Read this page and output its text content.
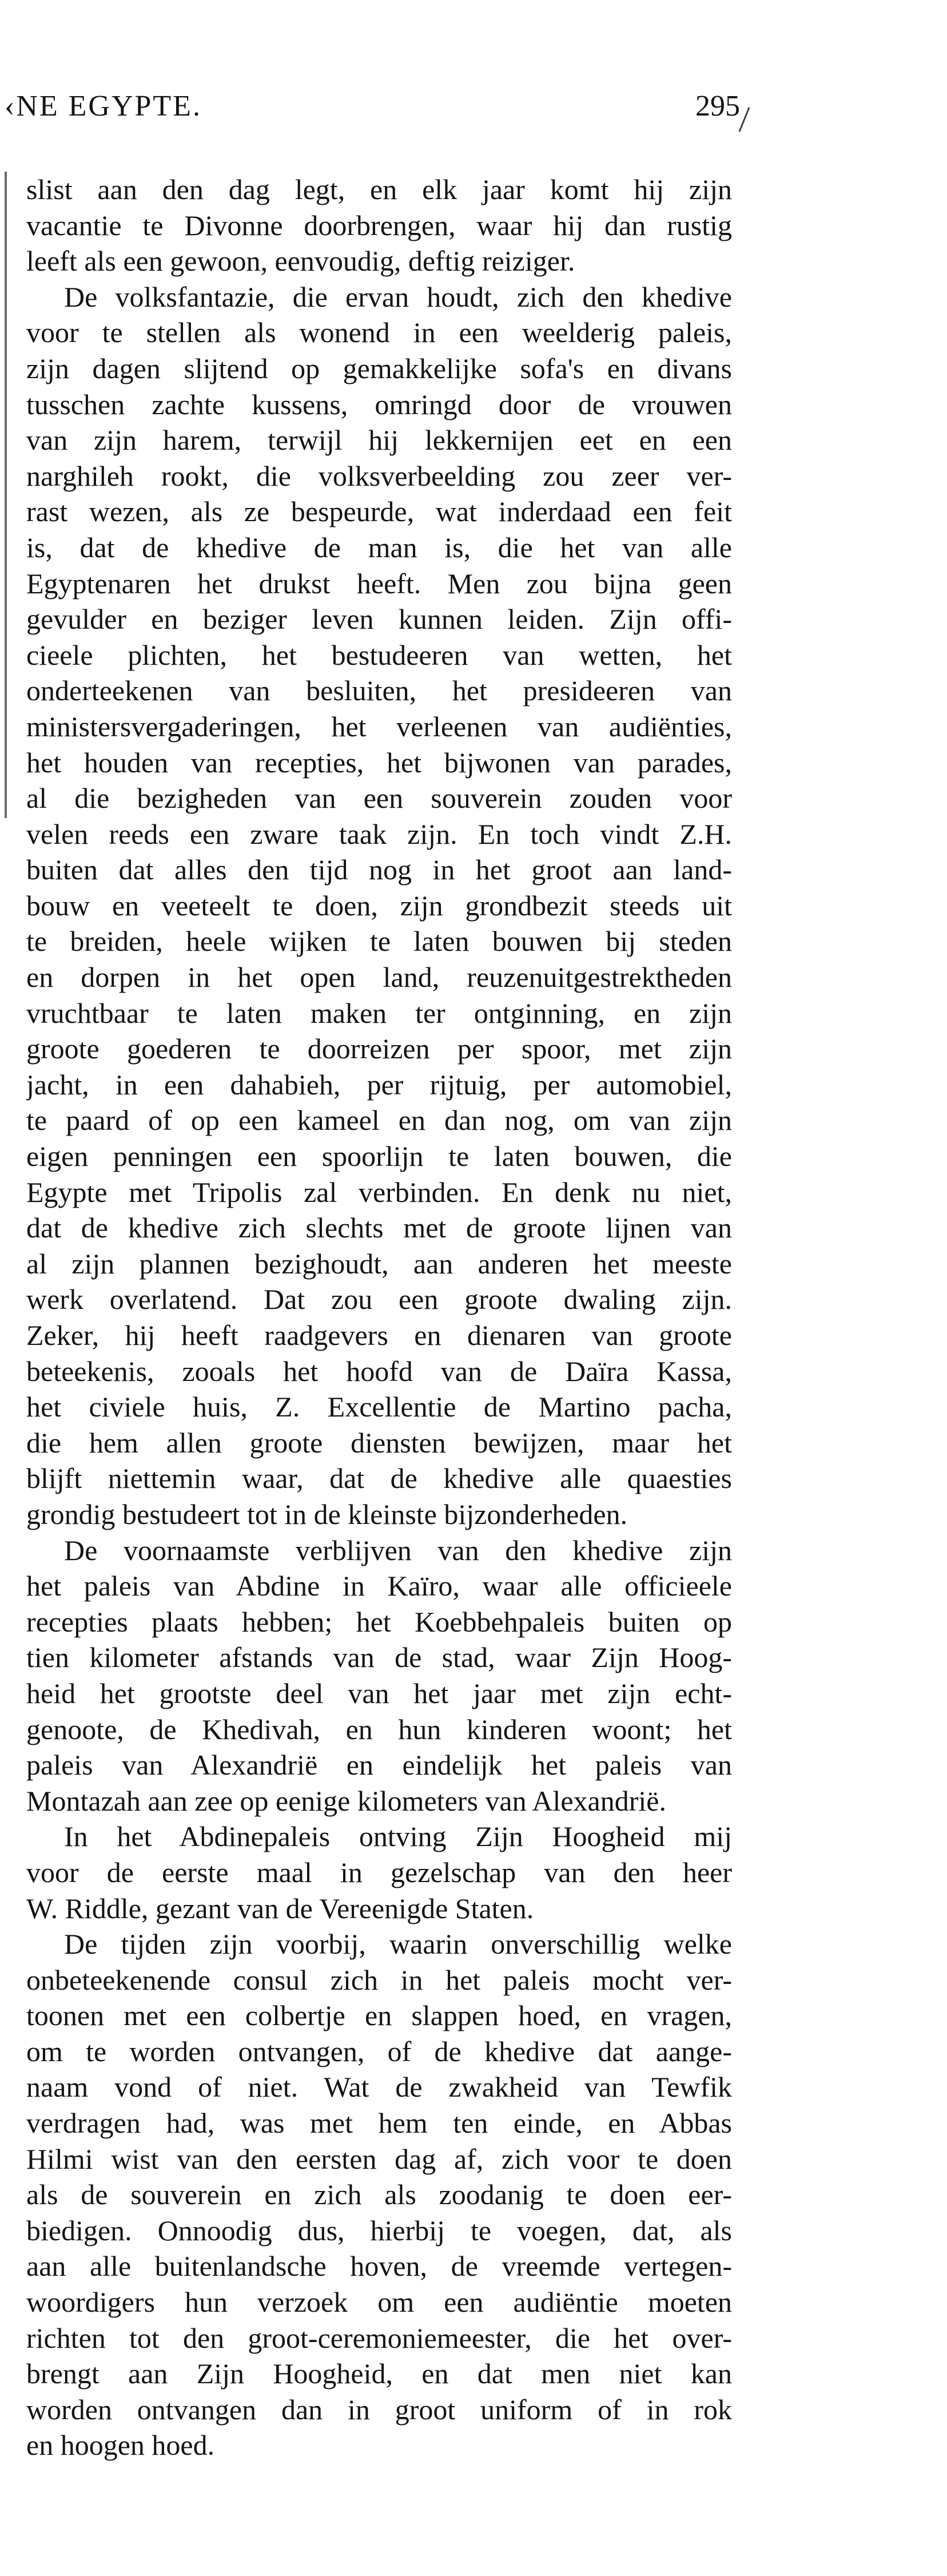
‹NE EGYPTE.	295
slist aan den dag legt, en elk jaar komt hij zijn
vacantie te Divonne doorbrengen, waar hij dan rustig
leeft als een gewoon, eenvoudig, deftig reiziger.
De volksfantazie, die ervan houdt, zich den khedive
voor te stellen als wonend in een weelderig paleis,
zijn dagen slijtend op gemakkelijke sofa's en divans
tusschen zachte kussens, omringd door de vrouwen
van zijn harem, terwijl hij lekkernijen eet en een
narghileh rookt, die volksverbeelding zou zeer ver-
rast wezen, als ze bespeurde, wat inderdaad een feit
is, dat de khedive de man is, die het van alle
Egyptenaren het drukst heeft. Men zou bijna geen
gevulder en beziger leven kunnen leiden. Zijn offi-
cieele plichten, het bestudeeren van wetten, het
onderteekenen van besluiten, het presideeren van
ministersvergaderingen, het verleenen van audiënties,
het houden van recepties, het bijwonen van parades,
al die bezigheden van een souverein zouden voor
velen reeds een zware taak zijn. En toch vindt Z.H.
buiten dat alles den tijd nog in het groot aan land-
bouw en veeteelt te doen, zijn grondbezit steeds uit
te breiden, heele wijken te laten bouwen bij steden
en dorpen in het open land, reuzenuitgestrektheden
vruchtbaar te laten maken ter ontginning, en zijn
groote goederen te doorreizen per spoor, met zijn
jacht, in een dahabieh, per rijtuig, per automobiel,
te paard of op een kameel en dan nog, om van zijn
eigen penningen een spoorlijn te laten bouwen, die
Egypte met Tripolis zal verbinden. En denk nu niet,
dat de khedive zich slechts met de groote lijnen van
al zijn plannen bezighoudt, aan anderen het meeste
werk overlatend. Dat zou een groote dwaling zijn.
Zeker, hij heeft raadgevers en dienaren van groote
beteekenis, zooals het hoofd van de Daïra Kassa,
het civiele huis, Z. Excellentie de Martino pacha,
die hem allen groote diensten bewijzen, maar het
blijft niettemin waar, dat de khedive alle quaesties
grondig bestudeert tot in de kleinste bijzonderheden.
De voornaamste verblijven van den khedive zijn
het paleis van Abdine in Kaïro, waar alle officieele
recepties plaats hebben; het Koebbehpaleis buiten op
tien kilometer afstands van de stad, waar Zijn Hoog-
heid het grootste deel van het jaar met zijn echt-
genoote, de Khedivah, en hun kinderen woont; het
paleis van Alexandrië en eindelijk het paleis van
Montazah aan zee op eenige kilometers van Alexandrië.
In het Abdinepaleis ontving Zijn Hoogheid mij
voor de eerste maal in gezelschap van den heer
W. Riddle, gezant van de Vereenigde Staten.
De tijden zijn voorbij, waarin onverschillig welke
onbeteekenende consul zich in het paleis mocht ver-
toonen met een colbertje en slappen hoed, en vragen,
om te worden ontvangen, of de khedive dat aange-
naam vond of niet. Wat de zwakheid van Tewfik
verdragen had, was met hem ten einde, en Abbas
Hilmi wist van den eersten dag af, zich voor te doen
als de souverein en zich als zoodanig te doen eer-
biedigen. Onnoodig dus, hierbij te voegen, dat, als
aan alle buitenlandsche hoven, de vreemde vertegen-
woordigers hun verzoek om een audiëntie moeten
richten tot den groot-ceremoniemeester, die het over-
brengt aan Zijn Hoogheid, en dat men niet kan
worden ontvangen dan in groot uniform of in rok
en hoogen hoed.
